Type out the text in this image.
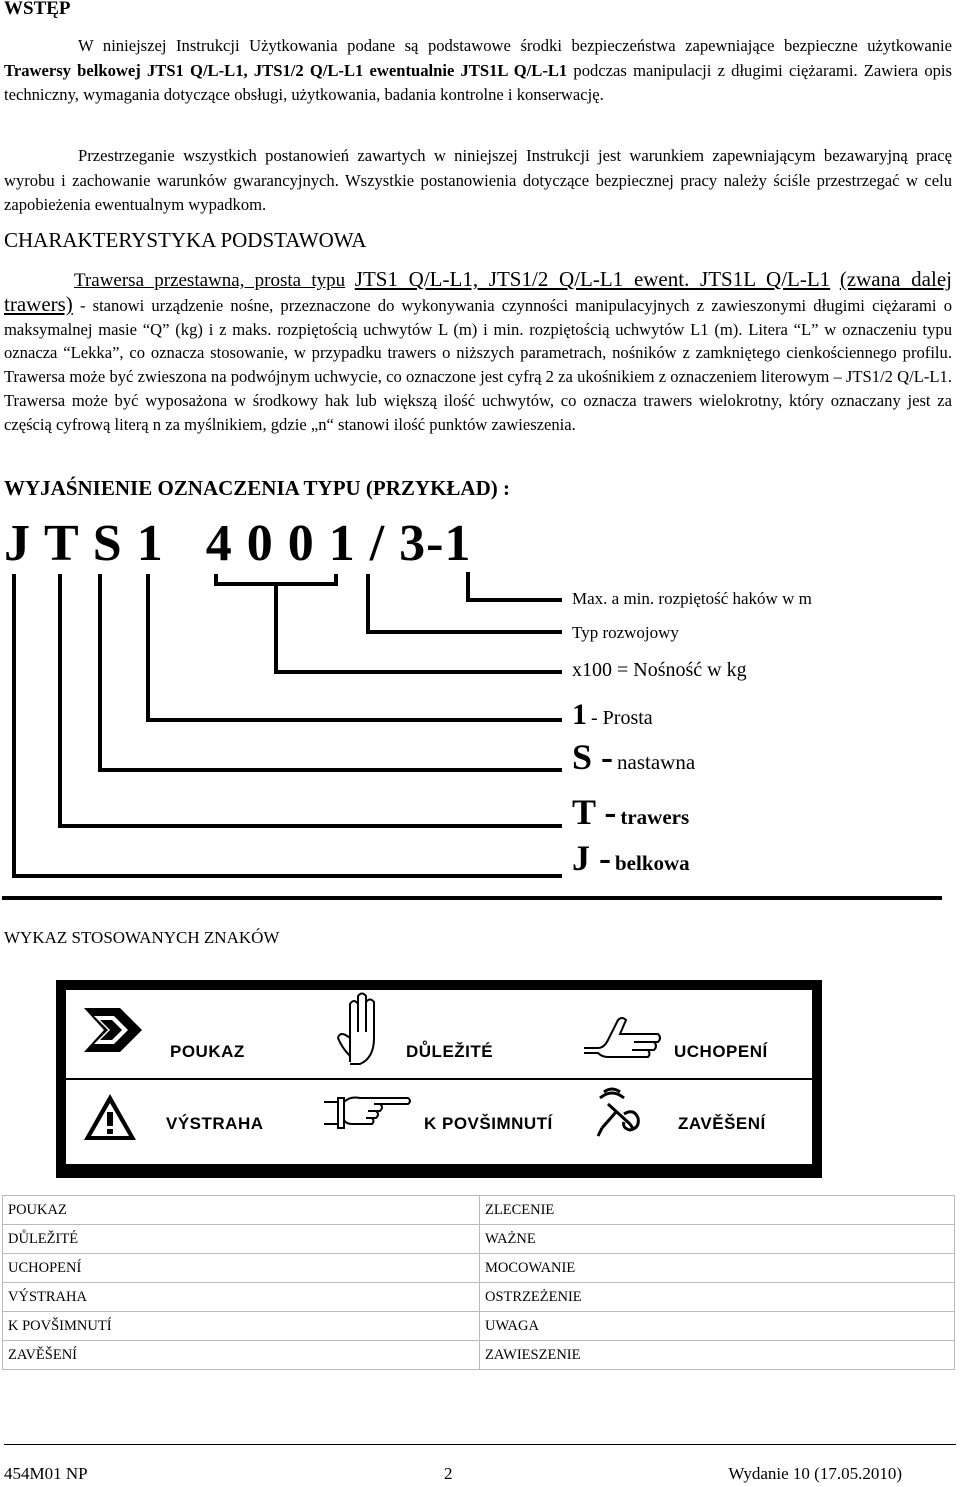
WSTĘP

W niniejszej Instrukcji Użytkowania podane są podstawowe środki bezpieczeństwa zapewniające bezpieczne użytkowanie Trawersy belkowej JTS1 Q/L-L1, JTS1/2 Q/L-L1 ewentualnie JTS1L Q/L-L1 podczas manipulacji z długimi ciężarami. Zawiera opis techniczny, wymagania dotyczące obsługi, użytkowania, badania kontrolne i konserwację.

Przestrzeganie wszystkich postanowień zawartych w niniejszej Instrukcji jest warunkiem zapewniającym bezawaryjną pracę wyrobu i zachowanie warunków gwarancyjnych. Wszystkie postanowienia dotyczące bezpiecznej pracy należy ściśle przestrzegać w celu zapobieżenia ewentualnym wypadkom.

CHARAKTERYSTYKA PODSTAWOWA

Trawersa przestawna, prosta typu JTS1 Q/L-L1, JTS1/2 Q/L-L1 ewent. JTS1L Q/L-L1 (zwana dalej trawers) - stanowi urządzenie nośne, przeznaczone do wykonywania czynności manipulacyjnych z zawieszonymi długimi ciężarami o maksymalnej masie “Q” (kg) i z maks. rozpiętością uchwytów L (m) i min. rozpiętością uchwytów L1 (m). Litera “L” w oznaczeniu typu oznacza “Lekka”, co oznacza stosowanie, w przypadku trawers o niższych parametrach, nośników z zamkniętego cienkościennego profilu. Trawersa może być zwieszona na podwójnym uchwycie, co oznaczone jest cyfrą 2 za ukośnikiem z oznaczeniem literowym – JTS1/2 Q/L-L1. Trawersa może być wyposażona w środkowy hak lub większą ilość uchwytów, co oznacza trawers wielokrotny, który oznaczany jest za częścią cyfrową literą n za myślnikiem, gdzie „n“ stanowi ilość punktów zawieszenia.

WYJAŚNIENIE OZNACZENIA TYPU (PRZYKŁAD) :
J T S 1   4 0 0 1 / 3-1
Max. a min. rozpiętość haków w m
Typ rozwojowy
x100 = Nośność w kg
1 - Prosta
S - nastawna
T - trawers
J - belkowa
WYKAZ STOSOWANYCH ZNAKÓW
POUKAZ	DŮLEŽITÉ	UCHOPENÍ
VÝSTRAHA	K POVŠIMNUTÍ	ZAVĚŠENÍ
POUKAZ	ZLECENIE
DŮLEŽITÉ	WAŻNE
UCHOPENÍ	MOCOWANIE
VÝSTRAHA	OSTRZEŻENIE
K POVŠIMNUTÍ	UWAGA
ZAVĚŠENÍ	ZAWIESZENIE
454M01 NP	2	Wydanie 10 (17.05.2010)
